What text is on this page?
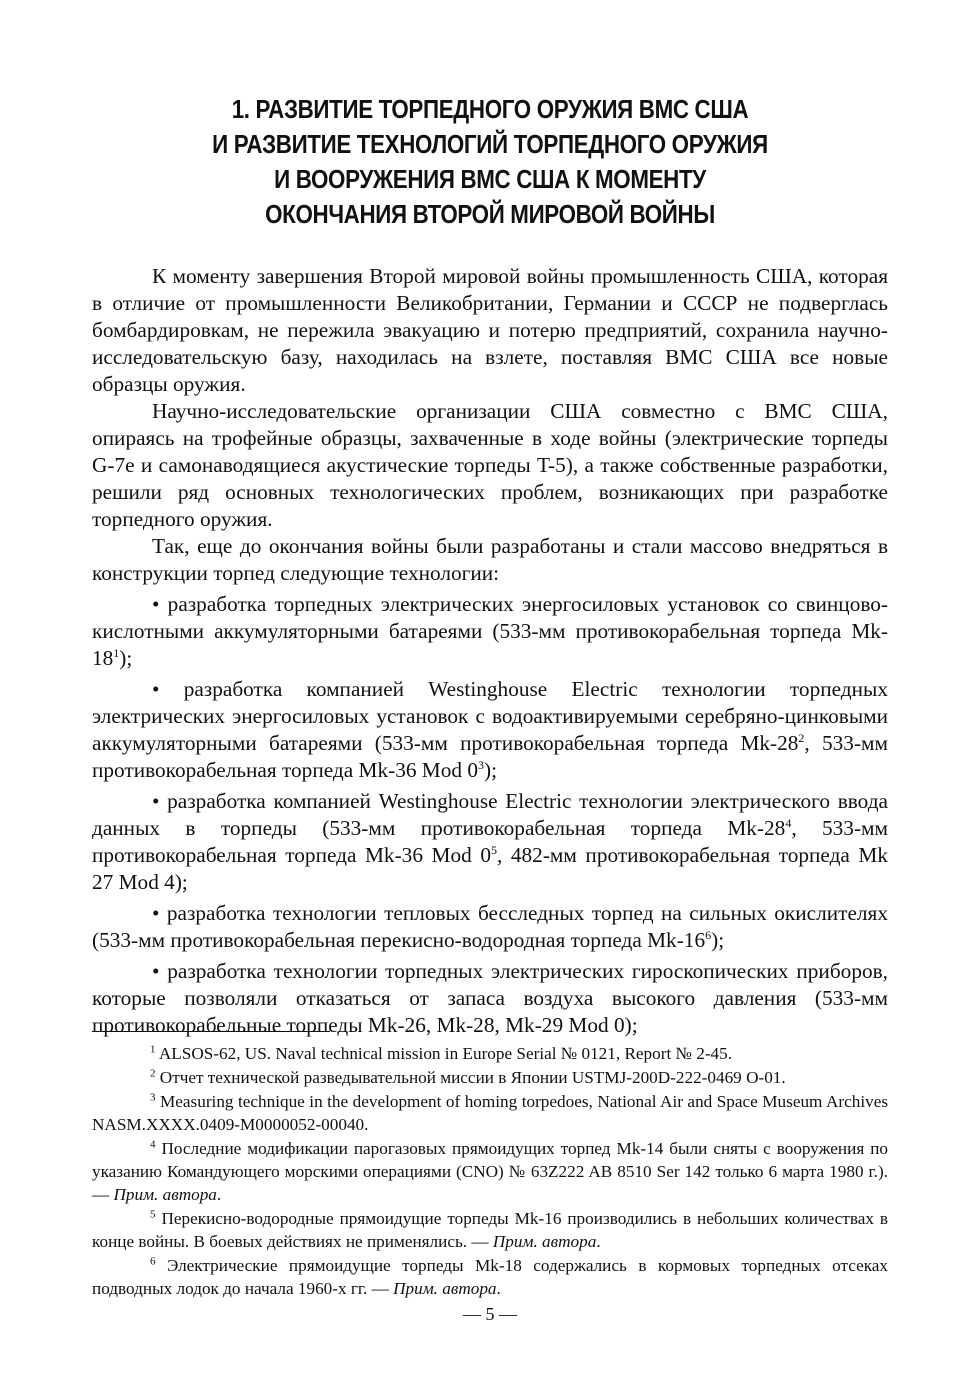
1. РАЗВИТИЕ ТОРПЕДНОГО ОРУЖИЯ ВМС США
И РАЗВИТИЕ ТЕХНОЛОГИЙ ТОРПЕДНОГО ОРУЖИЯ
И ВООРУЖЕНИЯ ВМС США К МОМЕНТУ
ОКОНЧАНИЯ ВТОРОЙ МИРОВОЙ ВОЙНЫ

К моменту завершения Второй мировой войны промышленность США, которая в отличие от промышленности Великобритании, Германии и СССР не подверглась бомбардировкам, не пережила эвакуацию и потерю предприятий, сохранила научно-исследовательскую базу, находилась на взлете, поставляя ВМС США все новые образцы оружия.

Научно-исследовательские организации США совместно с ВМС США, опираясь на трофейные образцы, захваченные в ходе войны (электрические торпеды G-7e и самонаводящиеся акустические торпеды T-5), а также собственные разработки, решили ряд основных технологических проблем, возникающих при разработке торпедного оружия.

Так, еще до окончания войны были разработаны и стали массово внедряться в конструкции торпед следующие технологии:

• разработка торпедных электрических энергосиловых установок со свинцово-кислотными аккумуляторными батареями (533-мм противокорабельная торпеда $Mk-18^1$);

• разработка компанией Westinghouse Electric технологии торпедных электрических энергосиловых установок с водоактивируемыми серебряно-цинковыми аккумуляторными батареями (533-мм противокорабельная торпеда $Mk-28^2$, 533-мм противокорабельная торпеда Mk-36 Mod $0^3$);

• разработка компанией Westinghouse Electric технологии электрического ввода данных в торпеды (533-мм противокорабельная торпеда $Mk-28^4$, 533-мм противокорабельная торпеда Mk-36 Mod $0^5$, 482-мм противокорабельная торпеда Mk 27 Mod 4);

• разработка технологии тепловых бесследных торпед на сильных окислителях (533-мм противокорабельная перекисно-водородная торпеда $Mk-16^6$);

• разработка технологии торпедных электрических гироскопических приборов, которые позволяли отказаться от запаса воздуха высокого давления (533-мм противокорабельные торпеды Mk-26, Mk-28, Mk-29 Mod 0);

$^1$ ALSOS-62, US. Naval technical mission in Europe Serial № 0121, Report № 2-45.

$^2$ Отчет технической разведывательной миссии в Японии USTMJ-200D-222-0469 O-01.

$^3$ Measuring technique in the development of homing torpedoes, National Air and Space Museum Archives NASM.XXXX.0409-M0000052-00040.

$^4$ Последние модификации парогазовых прямоидущих торпед Mk-14 были сняты с вооружения по указанию Командующего морскими операциями (CNO) № 63Z222 AB 8510 Ser 142 только 6 марта 1980 г.). — Прим. автора.

$^5$ Перекисно-водородные прямоидущие торпеды Mk-16 производились в небольших количествах в конце войны. В боевых действиях не применялись. — Прим. автора.

$^6$ Электрические прямоидущие торпеды Mk-18 содержались в кормовых торпедных отсеках подводных лодок до начала 1960-х гг. — Прим. автора.

— 5 —
